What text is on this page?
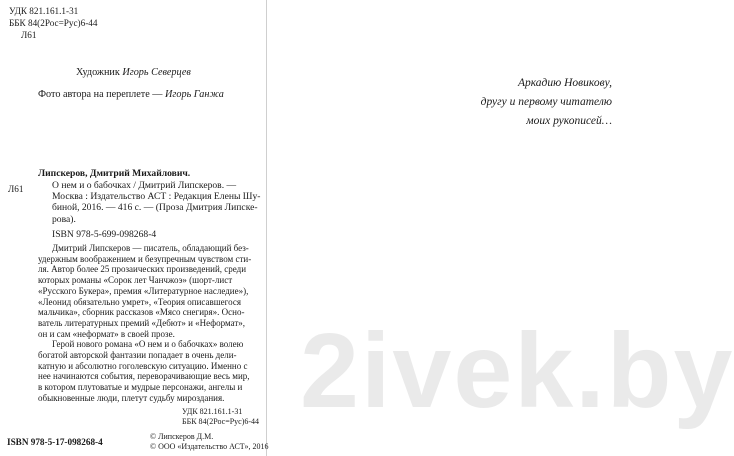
УДК 821.161.1-31
ББК 84(2Рос=Рус)6-44
Л61
Художник Игорь Северцев
Фото автора на переплете — Игорь Ганжа
Аркадию Новикову,
другу и первому читателю
моих рукописей…
Л61
Липскеров, Дмитрий Михайлович.
О нем и о бабочках / Дмитрий Липскеров. —
Москва : Издательство АСТ : Редакция Елены Шу-
биной, 2016. — 416 с. — (Проза Дмитрия Липске-
рова).
ISBN 978-5-699-098268-4
Дмитрий Липскеров — писатель, обладающий без-
удержным воображением и безупречным чувством сти-
ля. Автор более 25 прозаических произведений, среди
которых романы «Сорок лет Чанчжоэ» (шорт-лист
«Русского Букера», премия «Литературное наследие»),
«Леонид обязательно умрет», «Теория описавшегося
мальчика», сборник рассказов «Мясо снегиря». Осно-
ватель литературных премий «Дебют» и «Неформат»,
он и сам «неформат» в своей прозе.
Герой нового романа «О нем и о бабочках» волею
богатой авторской фантазии попадает в очень дели-
катную и абсолютно гоголевскую ситуацию. Именно с
нее начинаются события, переворачивающие весь мир,
в котором плутоватые и мудрые персонажи, ангелы и
обыкновенные люди, плетут судьбу мироздания.
УДК 821.161.1-31
ББК 84(2Рос=Рус)6-44
ISBN 978-5-17-098268-4
© Липскеров Д.М.
© ООО «Издательство АСТ», 2016
2ivek.by
